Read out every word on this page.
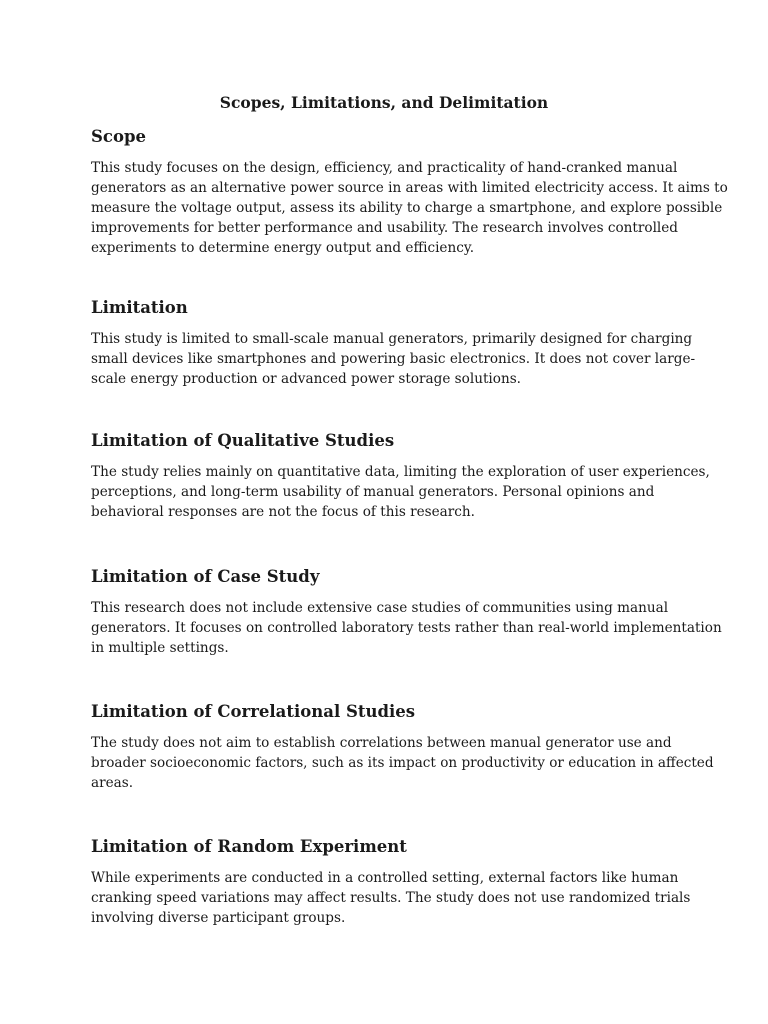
Scopes, Limitations, and Delimitation
Scope

This study focuses on the design, efficiency, and practicality of hand-cranked manual
generators as an alternative power source in areas with limited electricity access. It aims to
measure the voltage output, assess its ability to charge a smartphone, and explore possible
improvements for better performance and usability. The research involves controlled
experiments to determine energy output and efficiency.

Limitation

This study is limited to small-scale manual generators, primarily designed for charging
small devices like smartphones and powering basic electronics. It does not cover large-
scale energy production or advanced power storage solutions.

Limitation of Qualitative Studies

The study relies mainly on quantitative data, limiting the exploration of user experiences,
perceptions, and long-term usability of manual generators. Personal opinions and
behavioral responses are not the focus of this research.

Limitation of Case Study

This research does not include extensive case studies of communities using manual
generators. It focuses on controlled laboratory tests rather than real-world implementation
in multiple settings.

Limitation of Correlational Studies

The study does not aim to establish correlations between manual generator use and
broader socioeconomic factors, such as its impact on productivity or education in affected
areas.

Limitation of Random Experiment

While experiments are conducted in a controlled setting, external factors like human
cranking speed variations may affect results. The study does not use randomized trials
involving diverse participant groups.
